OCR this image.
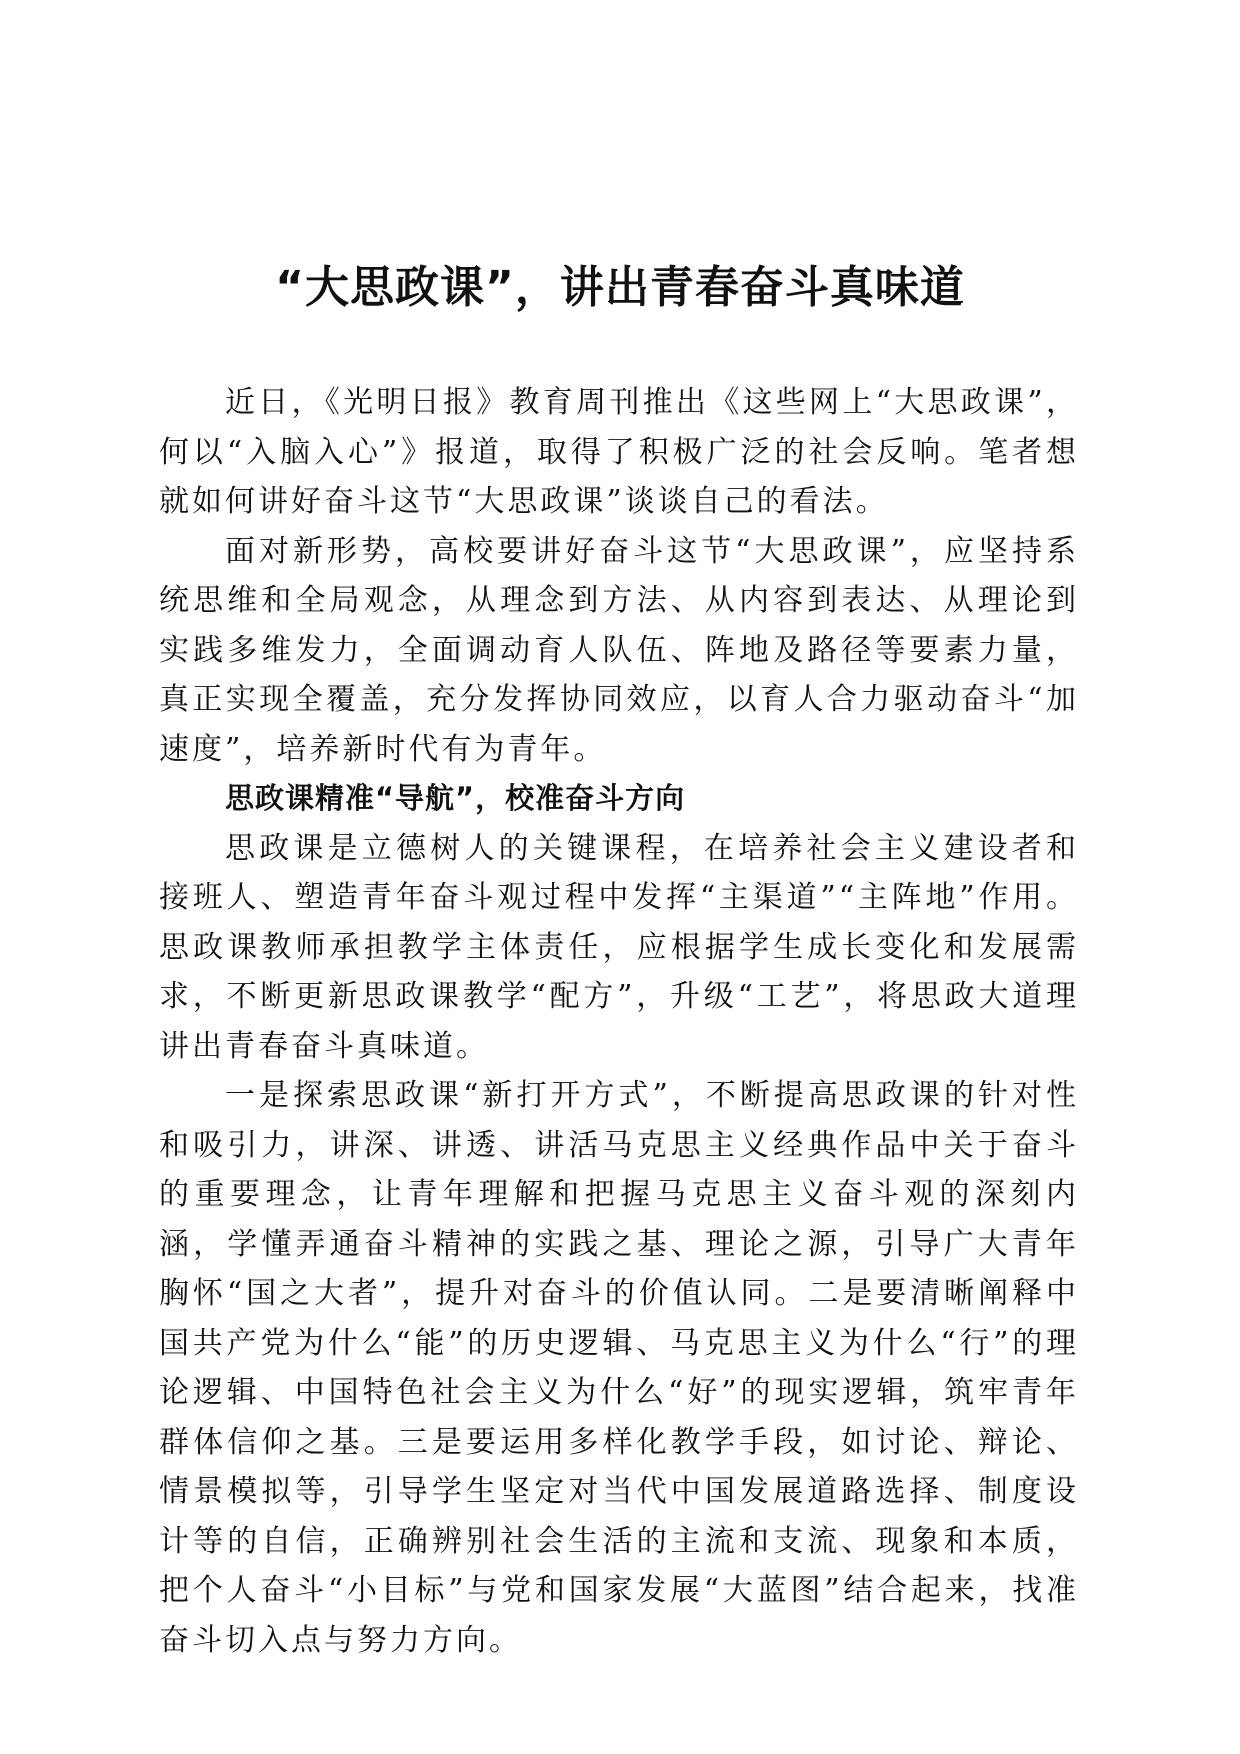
“大思政课”，讲出青春奋斗真味道

近日，《光明日报》教育周刊推出《这些网上“大思政课”，何以“入脑入心”》报道，取得了积极广泛的社会反响。笔者想就如何讲好奋斗这节“大思政课”谈谈自己的看法。

面对新形势，高校要讲好奋斗这节“大思政课”，应坚持系统思维和全局观念，从理念到方法、从内容到表达、从理论到实践多维发力，全面调动育人队伍、阵地及路径等要素力量，真正实现全覆盖，充分发挥协同效应，以育人合力驱动奋斗“加速度”，培养新时代有为青年。

思政课精准“导航”，校准奋斗方向

思政课是立德树人的关键课程，在培养社会主义建设者和接班人、塑造青年奋斗观过程中发挥“主渠道”“主阵地”作用。思政课教师承担教学主体责任，应根据学生成长变化和发展需求，不断更新思政课教学“配方”，升级“工艺”，将思政大道理讲出青春奋斗真味道。

一是探索思政课“新打开方式”，不断提高思政课的针对性和吸引力，讲深、讲透、讲活马克思主义经典作品中关于奋斗的重要理念，让青年理解和把握马克思主义奋斗观的深刻内涵，学懂弄通奋斗精神的实践之基、理论之源，引导广大青年胸怀“国之大者”，提升对奋斗的价值认同。二是要清晰阐释中国共产党为什么“能”的历史逻辑、马克思主义为什么“行”的理论逻辑、中国特色社会主义为什么“好”的现实逻辑，筑牢青年群体信仰之基。三是要运用多样化教学手段，如讨论、辩论、情景模拟等，引导学生坚定对当代中国发展道路选择、制度设计等的自信，正确辨别社会生活的主流和支流、现象和本质，把个人奋斗“小目标”与党和国家发展“大蓝图”结合起来，找准奋斗切入点与努力方向。
